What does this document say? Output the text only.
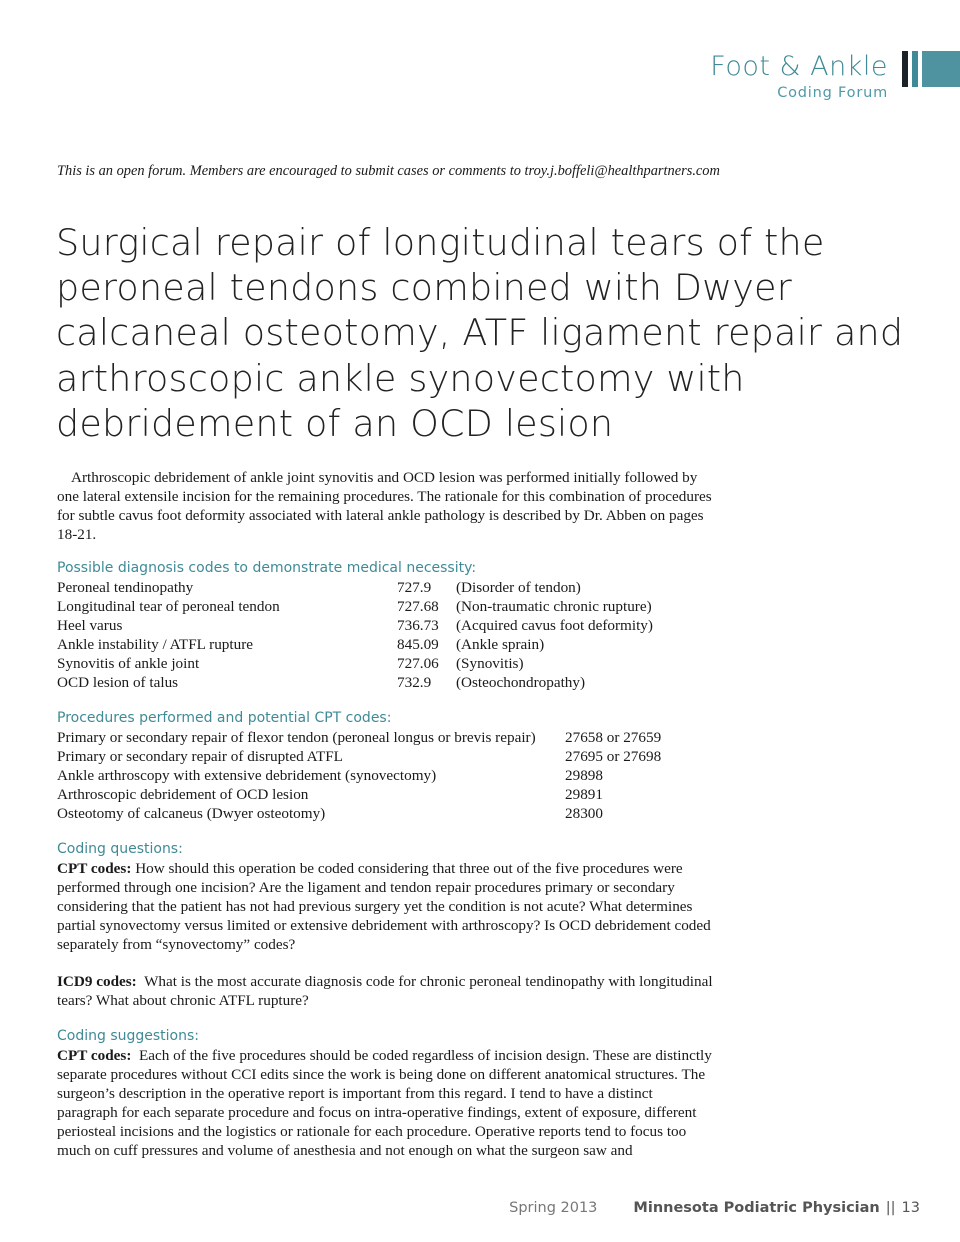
Foot & Ankle
Coding Forum
This is an open forum. Members are encouraged to submit cases or comments to troy.j.boffeli@healthpartners.com
Surgical repair of longitudinal tears of the peroneal tendons combined with Dwyer calcaneal osteotomy, ATF ligament repair and arthroscopic ankle synovectomy with debridement of an OCD lesion

Arthroscopic debridement of ankle joint synovitis and OCD lesion was performed initially followed by one lateral extensile incision for the remaining procedures. The rationale for this combination of procedures for subtle cavus foot deformity associated with lateral ankle pathology is described by Dr. Abben on pages 18-21.

Possible diagnosis codes to demonstrate medical necessity:
Peroneal tendinopathy	727.9	(Disorder of tendon)
Longitudinal tear of peroneal tendon	727.68	(Non-traumatic chronic rupture)
Heel varus	736.73	(Acquired cavus foot deformity)
Ankle instability / ATFL rupture	845.09	(Ankle sprain)
Synovitis of ankle joint	727.06	(Synovitis)
OCD lesion of talus	732.9	(Osteochondropathy)
Procedures performed and potential CPT codes:
Primary or secondary repair of flexor tendon (peroneal longus or brevis repair)	27658 or 27659
Primary or secondary repair of disrupted ATFL	27695 or 27698
Ankle arthroscopy with extensive debridement (synovectomy)	29898
Arthroscopic debridement of OCD lesion	29891
Osteotomy of calcaneus (Dwyer osteotomy)	28300
Coding questions:

CPT codes: How should this operation be coded considering that three out of the five procedures were performed through one incision? Are the ligament and tendon repair procedures primary or secondary considering that the patient has not had previous surgery yet the condition is not acute? What determines partial synovectomy versus limited or extensive debridement with arthroscopy? Is OCD debridement coded separately from “synovectomy” codes?

ICD9 codes: What is the most accurate diagnosis code for chronic peroneal tendinopathy with longitudinal tears? What about chronic ATFL rupture?

Coding suggestions:

CPT codes: Each of the five procedures should be coded regardless of incision design. These are distinctly separate procedures without CCI edits since the work is being done on different anatomical structures. The surgeon’s description in the operative report is important from this regard. I tend to have a distinct paragraph for each separate procedure and focus on intra-operative findings, extent of exposure, different periosteal incisions and the logistics or rationale for each procedure. Operative reports tend to focus too much on cuff pressures and volume of anesthesia and not enough on what the surgeon saw and

Spring 2013 Minnesota Podiatric Physician || 13
